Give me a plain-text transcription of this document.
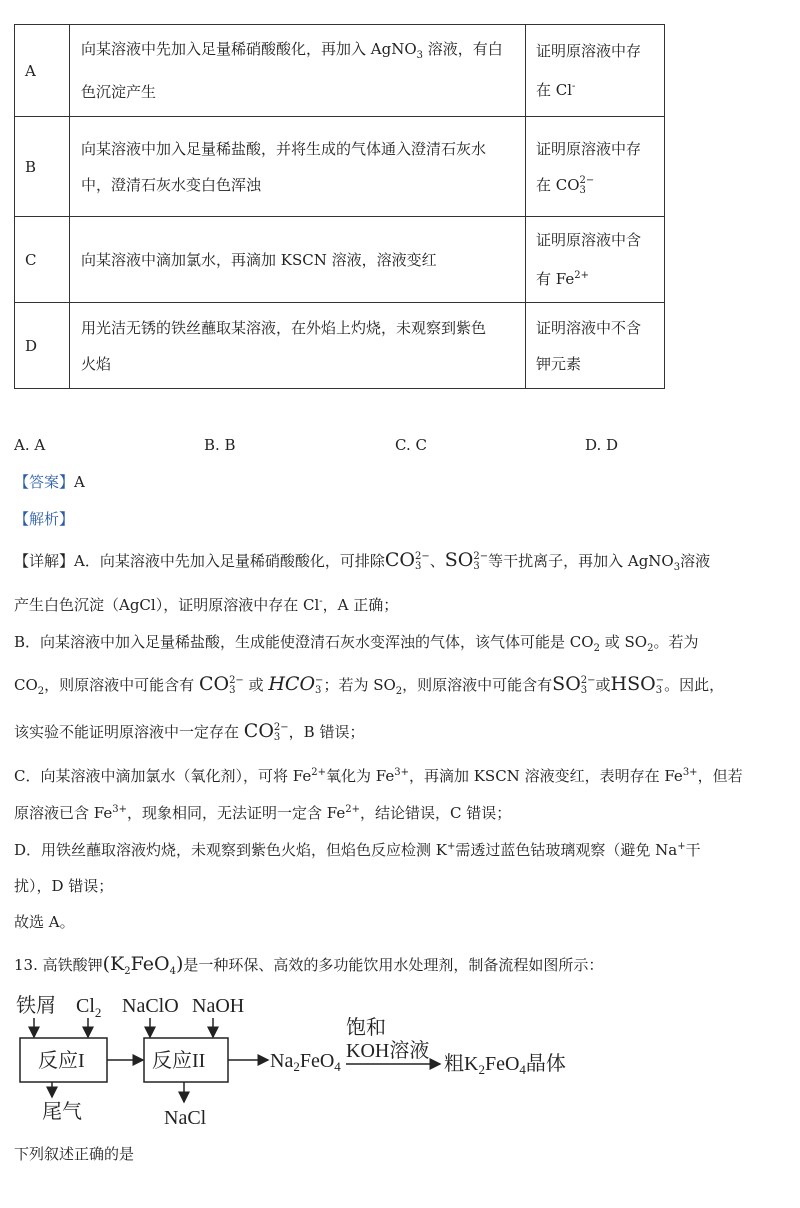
A	向某溶液中先加入足量稀硝酸酸化，再加入 AgNO$_3$ 溶液，有白
色沉淀产生	证明原溶液中存
在 Cl-
B	向某溶液中加入足量稀盐酸，并将生成的气体通入澄清石灰水
中，澄清石灰水变白色浑浊	证明原溶液中存
在 CO2−
3
C	向某溶液中滴加氯水，再滴加 KSCN 溶液，溶液变红	证明原溶液中含
有 $Fe^{2+}$
D	用光洁无锈的铁丝蘸取某溶液，在外焰上灼烧，未观察到紫色
火焰	证明溶液中不含
钾元素
A. A	B. B	C. C	D. D
【答案】A
【解析】
【详解】A．向某溶液中先加入足量稀硝酸酸化，可排除CO2−
3 、SO2−
3 等干扰离子，再加入 AgNO$_3$溶液
产生白色沉淀（AgCl），证明原溶液中存在 Cl-，A 正确；
B．向某溶液中加入足量稀盐酸，生成能使澄清石灰水变浑浊的气体，该气体可能是 $CO_2$ 或 $SO_2$。若为
$CO_2$，则原溶液中可能含有 CO2−
3 或 HCO−
3 ；若为 $SO_2$，则原溶液中可能含有SO2−
3 或HSO−
3 。因此，
该实验不能证明原溶液中一定存在 CO2−
3 ，B 错误；
C．向某溶液中滴加氯水（氧化剂），可将 $Fe^{2+}$氧化为 $Fe^{3+}$，再滴加 KSCN 溶液变红，表明存在 $Fe^{3+}$，但若
原溶液已含 $Fe^{3+}$，现象相同，无法证明一定含 $Fe^{2+}$，结论错误，C 错误；
D．用铁丝蘸取溶液灼烧，未观察到紫色火焰，但焰色反应检测 K+需透过蓝色钴玻璃观察（避免 Na+干
扰），D 错误；
故选 A。
13. 高铁酸钾$(K_2FeO_4)$是一种环保、高效的多功能饮用水处理剂，制备流程如图所示：
铁屑 $Cl_2$ NaClO NaOH
反应I	反应II	$Na_2FeO_4$
饱和
KOH溶液
粗$K_2FeO_4$晶体
尾气	NaCl
下列叙述正确的是
